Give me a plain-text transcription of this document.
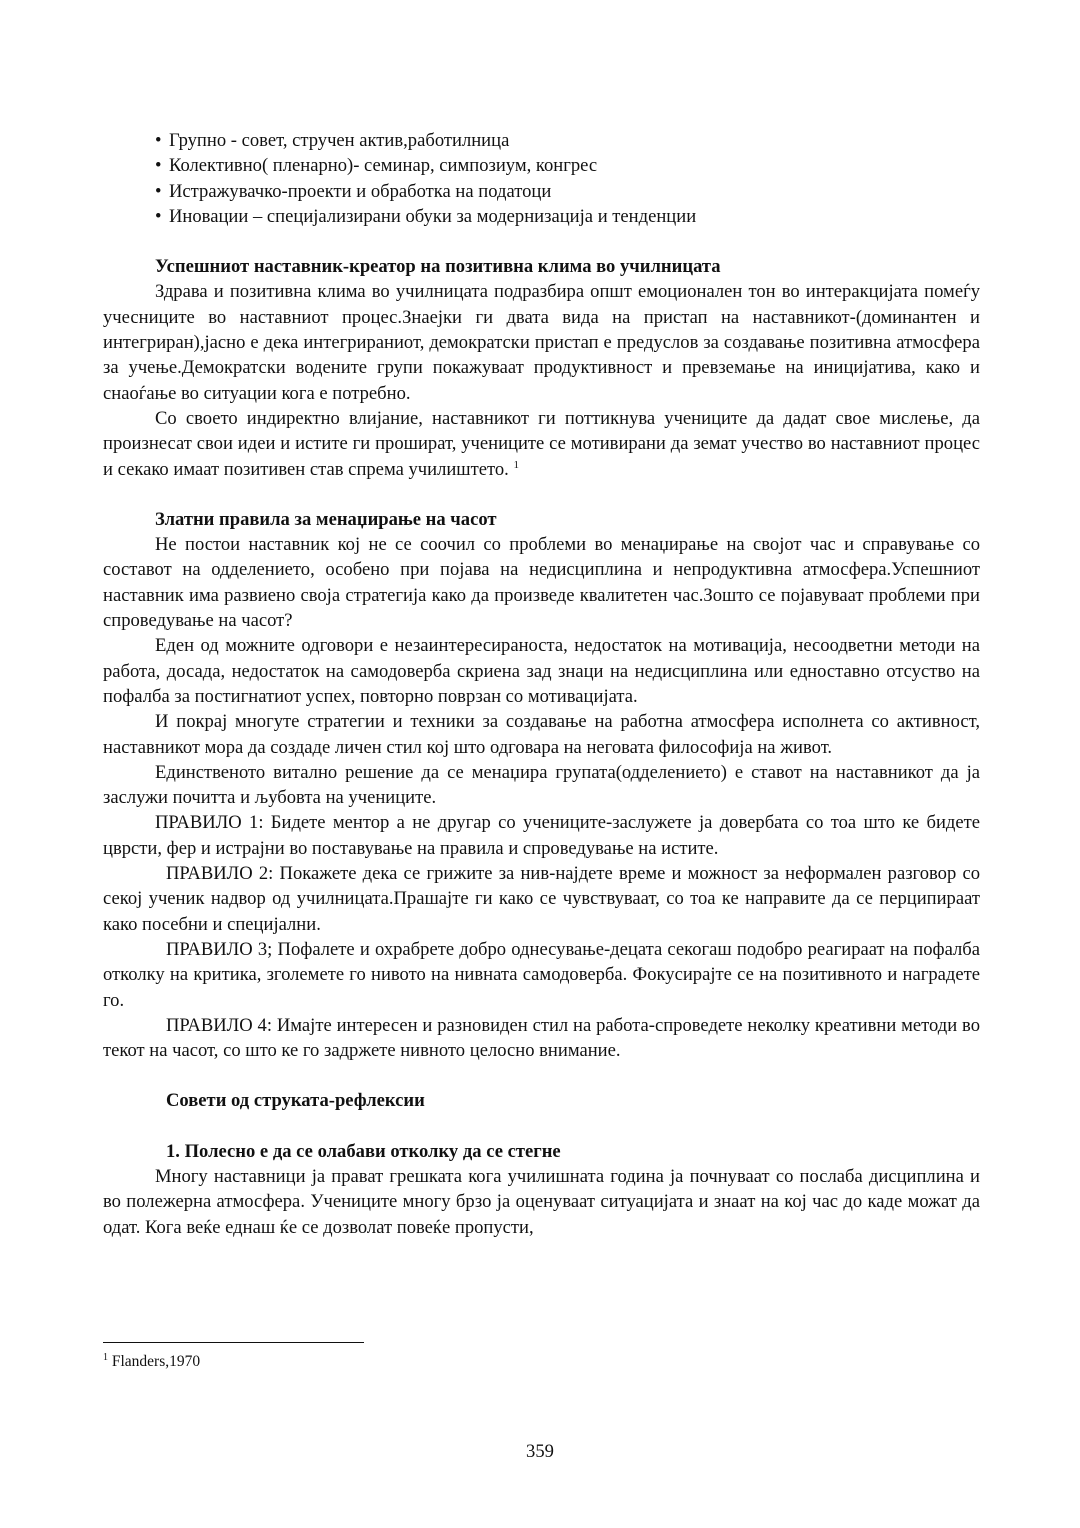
• Групно - совет, стручен актив,работилница
• Колективно( пленарно)- семинар, симпозиум, конгрес
• Истражувачко-проекти и обработка на податоци
• Иновации – специјализирани обуки за модернизација и тенденции
Успешниот наставник-креатор на позитивна клима во училницата

Здрава и позитивна клима во училницата подразбира општ емоционален тон во интеракцијата помеѓу учесниците во наставниот процес.Знаејки ги двата вида на пристап на наставникот-(доминантен и интегриран),јасно е дека интегрираниот, демократски пристап е предуслов за создавање позитивна атмосфера за учење.Демократски водените групи покажуваат продуктивност и превземање на иницијатива, како и снаоѓање во ситуации кога е потребно.

Со своето индиректно влијание, наставникот ги поттикнува учениците да дадат свое мислење, да произнесат свои идеи и истите ги прошират, учениците се мотивирани да земат учество во наставниот процес и секако имаат позитивен став спрема училиштето. $^1$

Златни правила за менаџирање на часот

Не постои наставник кој не се соочил со проблеми во менаџирање на својот час и справување со составот на одделението, особено при појава на недисциплина и непродуктивна атмосфера.Успешниот наставник има развиено своја стратегија како да произведе квалитетен час.Зошто се појавуваат проблеми при спроведување на часот?

Еден од можните одговори е незаинтересираноста, недостаток на мотивација, несоодветни методи на работа, досада, недостаток на самодоверба скриена зад знаци на недисциплина или едноставно отсуство на пофалба за постигнатиот успех, повторно поврзан со мотивацијата.

И покрај многуте стратегии и техники за создавање на работна атмосфера исполнета со активност, наставникот мора да создаде личен стил кој што одговара на неговата философија на живот.

Единственото витално решение да се менаџира групата(одделението) е ставот на наставникот да ја заслужи почитта и љубовта на учениците.

ПРАВИЛО 1: Бидете ментор а не другар со учениците-заслужете ја довербата со тоа што ке бидете цврсти, фер и истрајни во поставување на правила и спроведување на истите.

ПРАВИЛО 2: Покажете дека се грижите за нив-најдете време и можност за неформален разговор со секој ученик надвор од училницата.Прашајте ги како се чувствуваат, со тоа ке направите да се перципираат како посебни и специјални.

ПРАВИЛО 3; Пофалете и охрабрете добро однесување-децата секогаш подобро реагираат на пофалба отколку на критика, зголемете го нивото на нивната самодоверба. Фокусирајте се на позитивното и наградете го.

ПРАВИЛО 4: Имајте интересен и разновиден стил на работа-спроведете неколку креативни методи во текот на часот, со што ке го задржете нивното целосно внимание.

Совети од струката-рефлексии
1. Полесно е да се олабави отколку да се стегне

Многу наставници ја прават грешката кога училишната година ја почнуваат со послаба дисциплина и во полежерна атмосфера. Учениците многу брзо ја оценуваат ситуацијата и знаат на кој час до каде можат да одат. Кога веќе еднаш ќе се дозволат повеќе пропусти,

$^1$ Flanders,1970
359
